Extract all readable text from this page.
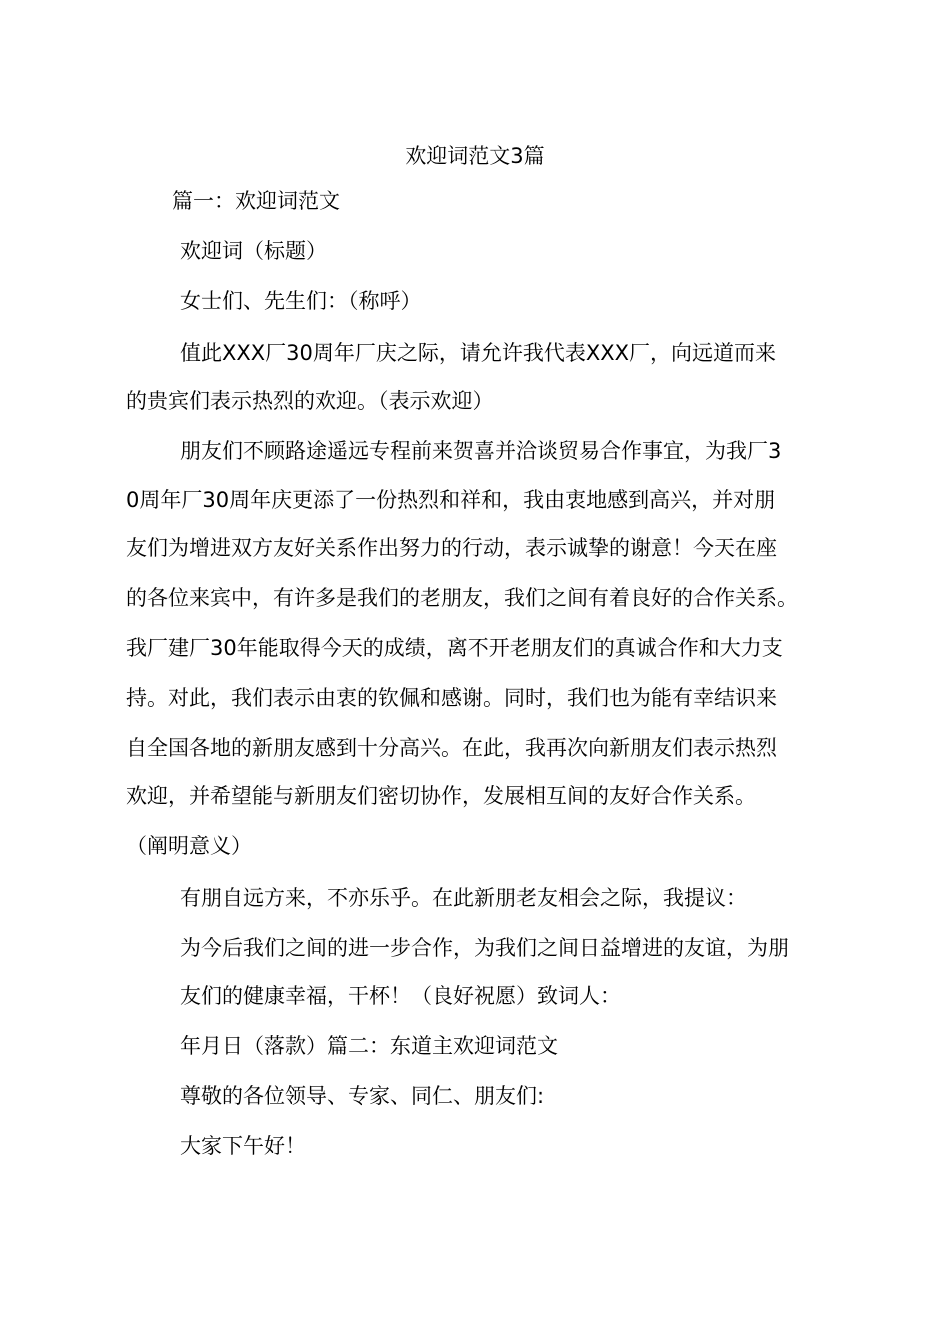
欢迎词范文3篇
篇一：欢迎词范文
欢迎词（标题）
女士们、先生们：（称呼）
值此XXX厂30周年厂庆之际，请允许我代表XXX厂，向远道而来
的贵宾们表示热烈的欢迎。（表示欢迎）
朋友们不顾路途遥远专程前来贺喜并洽谈贸易合作事宜，为我厂3
0周年厂30周年庆更添了一份热烈和祥和，我由衷地感到高兴，并对朋
友们为增进双方友好关系作出努力的行动，表示诚挚的谢意！今天在座
的各位来宾中，有许多是我们的老朋友，我们之间有着良好的合作关系。
我厂建厂30年能取得今天的成绩，离不开老朋友们的真诚合作和大力支
持。对此，我们表示由衷的钦佩和感谢。同时，我们也为能有幸结识来
自全国各地的新朋友感到十分高兴。在此，我再次向新朋友们表示热烈
欢迎，并希望能与新朋友们密切协作，发展相互间的友好合作关系。
（阐明意义）
有朋自远方来，不亦乐乎。在此新朋老友相会之际，我提议：
为今后我们之间的进一步合作，为我们之间日益增进的友谊，为朋
友们的健康幸福，干杯！（良好祝愿）致词人：
年月日（落款）篇二：东道主欢迎词范文
尊敬的各位领导、专家、同仁、朋友们:
大家下午好！
